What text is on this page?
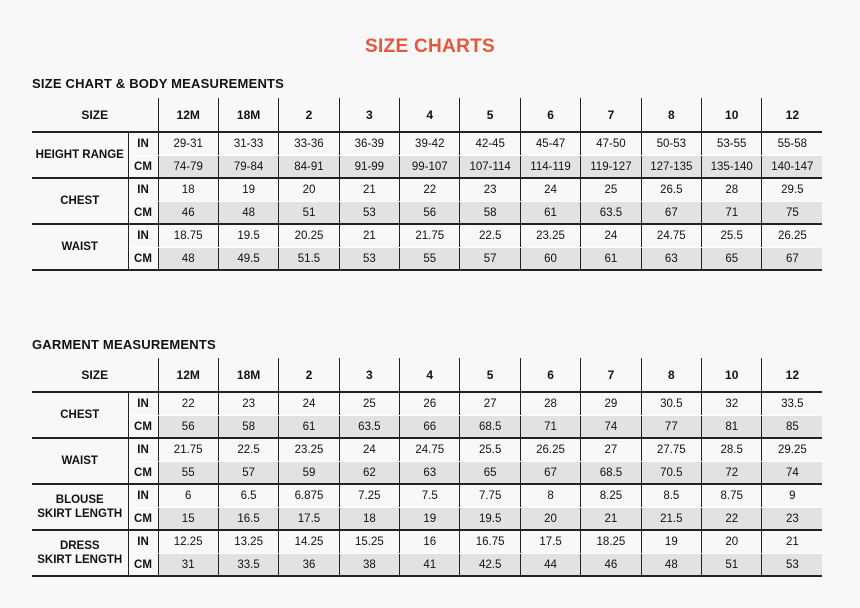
SIZE CHARTS
SIZE CHART & BODY MEASUREMENTS
SIZE		12M	18M	2	3	4	5	6	7	8	10	12
HEIGHT RANGE	IN	29-31	31-33	33-36	36-39	39-42	42-45	45-47	47-50	50-53	53-55	55-58
	CM	74-79	79-84	84-91	91-99	99-107	107-114	114-119	119-127	127-135	135-140	140-147
CHEST	IN	18	19	20	21	22	23	24	25	26.5	28	29.5
	CM	46	48	51	53	56	58	61	63.5	67	71	75
WAIST	IN	18.75	19.5	20.25	21	21.75	22.5	23.25	24	24.75	25.5	26.25
	CM	48	49.5	51.5	53	55	57	60	61	63	65	67
GARMENT MEASUREMENTS
SIZE		12M	18M	2	3	4	5	6	7	8	10	12
CHEST	IN	22	23	24	25	26	27	28	29	30.5	32	33.5
	CM	56	58	61	63.5	66	68.5	71	74	77	81	85
WAIST	IN	21.75	22.5	23.25	24	24.75	25.5	26.25	27	27.75	28.5	29.25
	CM	55	57	59	62	63	65	67	68.5	70.5	72	74
BLOUSE
SKIRT LENGTH	IN	6	6.5	6.875	7.25	7.5	7.75	8	8.25	8.5	8.75	9
	CM	15	16.5	17.5	18	19	19.5	20	21	21.5	22	23
DRESS
SKIRT LENGTH	IN	12.25	13.25	14.25	15.25	16	16.75	17.5	18.25	19	20	21
	CM	31	33.5	36	38	41	42.5	44	46	48	51	53
